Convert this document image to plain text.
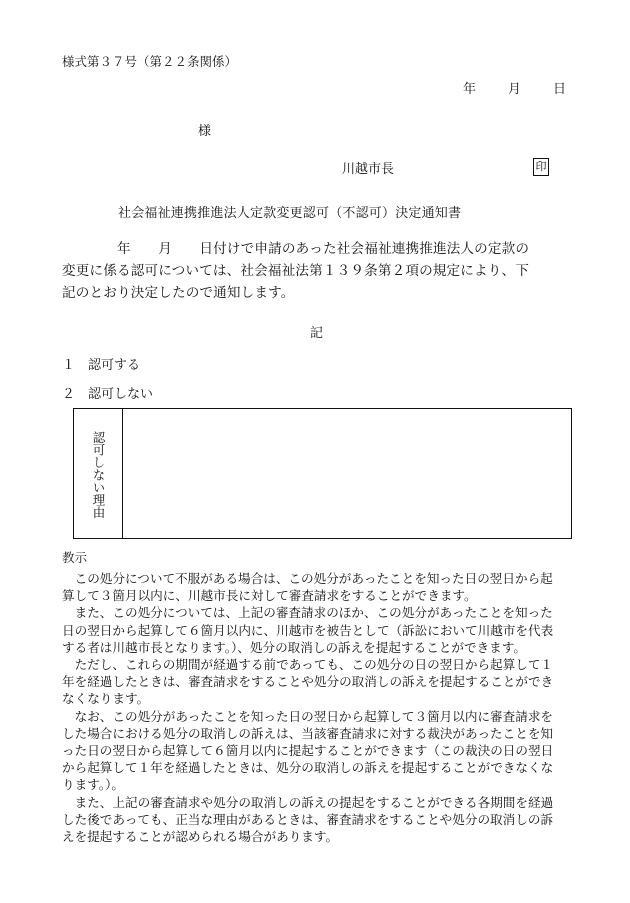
様式第３７号（第２２条関係）
年 月 日
様
川越市長	印
社会福祉連携推進法人定款変更認可（不認可）決定通知書
　　　　年　　月　　日付けで申請のあった社会福祉連携推進法人の定款の
変更に係る認可については、社会福祉法第１３９条第２項の規定により、下
記のとおり決定したので通知します。
記
１ 認可する
２ 認可しない
認可しない理由
教示
　この処分について不服がある場合は、この処分があったことを知った日の翌日から起
算して３箇月以内に、川越市長に対して審査請求をすることができます。
　また、この処分については、上記の審査請求のほか、この処分があったことを知った
日の翌日から起算して６箇月以内に、川越市を被告として（訴訟において川越市を代表
する者は川越市長となります。）、処分の取消しの訴えを提起することができます。
　ただし、これらの期間が経過する前であっても、この処分の日の翌日から起算して１
年を経過したときは、審査請求をすることや処分の取消しの訴えを提起することができ
なくなります。
　なお、この処分があったことを知った日の翌日から起算して３箇月以内に審査請求を
した場合における処分の取消しの訴えは、当該審査請求に対する裁決があったことを知
った日の翌日から起算して６箇月以内に提起することができます（この裁決の日の翌日
から起算して１年を経過したときは、処分の取消しの訴えを提起することができなくな
ります。）。
　また、上記の審査請求や処分の取消しの訴えの提起をすることができる各期間を経過
した後であっても、正当な理由があるときは、審査請求をすることや処分の取消しの訴
えを提起することが認められる場合があります。
